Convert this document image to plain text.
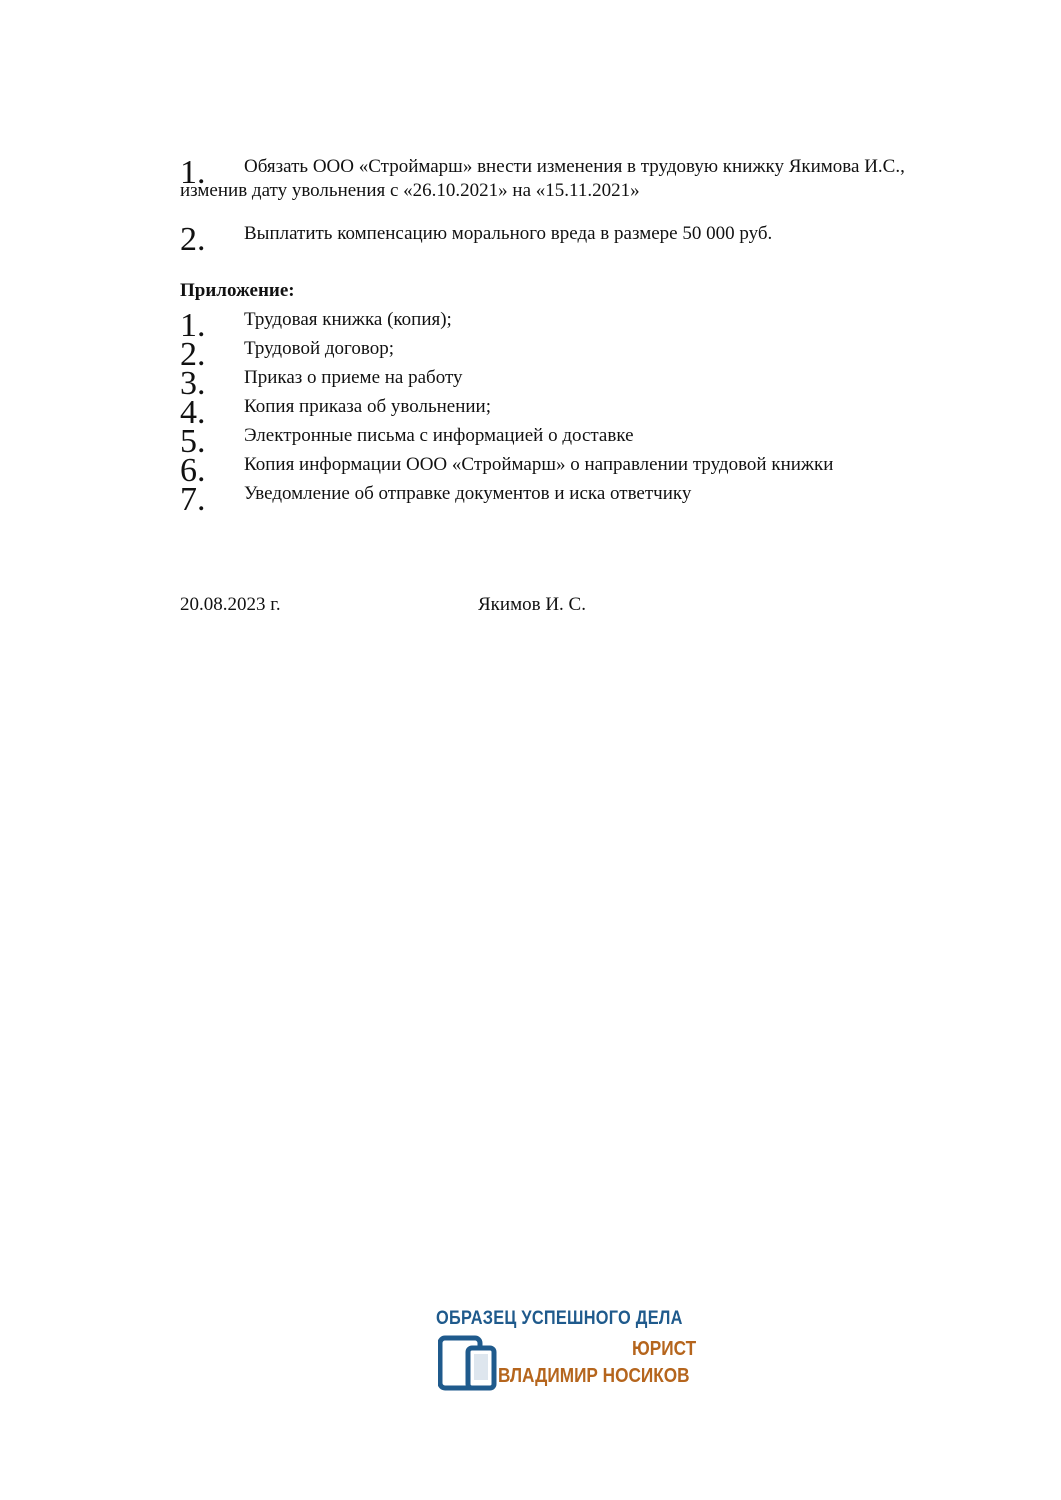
1.	Обязать ООО «Строймарш» внести изменения в трудовую книжку Якимова И.С.,
изменив дату увольнения с «26.10.2021» на «15.11.2021»
2.	Выплатить компенсацию морального вреда в размере 50 000 руб.
Приложение:
1. Трудовая книжка (копия);
2. Трудовой договор;
3. Приказ о приеме на работу
4. Копия приказа об увольнении;
5. Электронные письма с информацией о доставке
6. Копия информации ООО «Строймарш» о направлении трудовой книжки
7. Уведомление об отправке документов и иска ответчику
20.08.2023 г.	Якимов И. С.
ОБРАЗЕЦ УСПЕШНОГО ДЕЛА
ЮРИСТ
ВЛАДИМИР НОСИКОВ
